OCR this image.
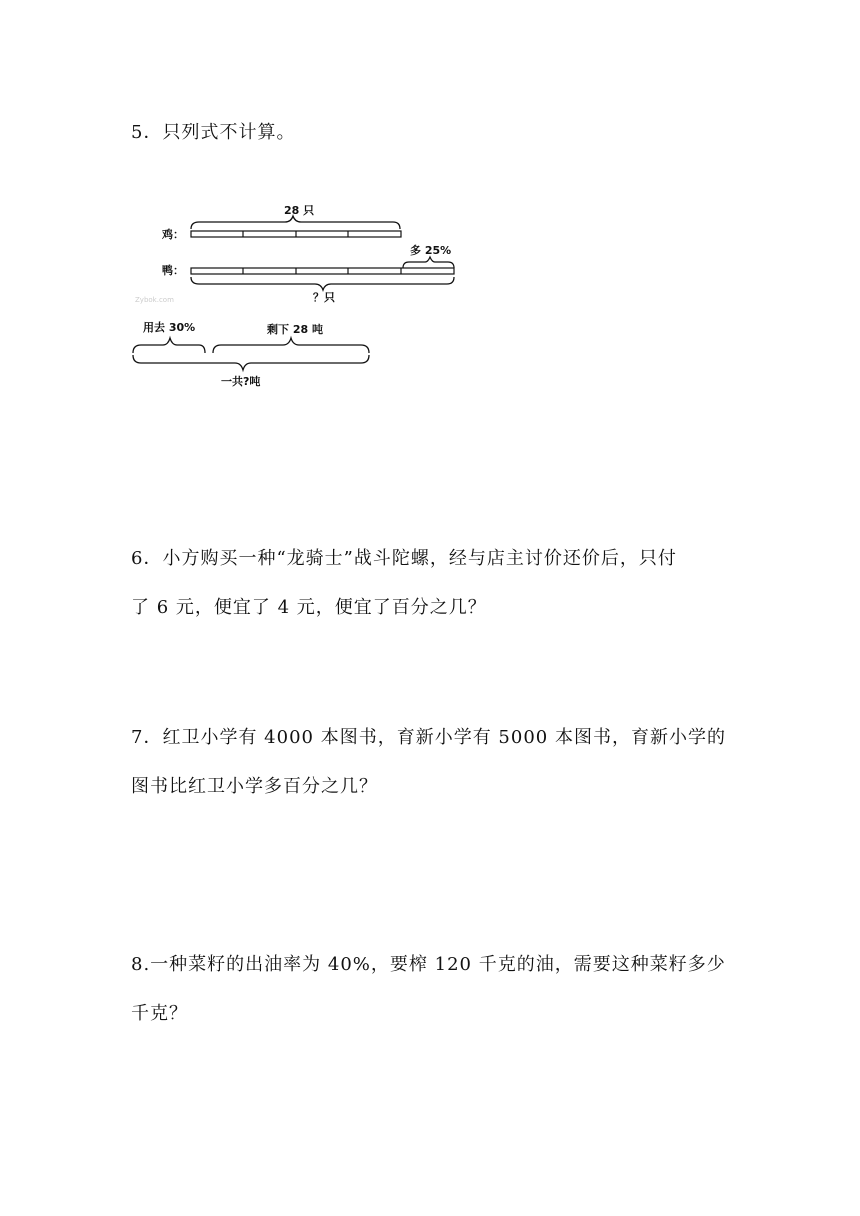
5．只列式不计算。
28 只
鸡：
多 25%
鸭：
？只
Zybok.com
用去 30%	剩下 28 吨
一共?吨
6．小方购买一种“龙骑士”战斗陀螺，经与店主讨价还价后，只付
了 6 元，便宜了 4 元，便宜了百分之几？
7．红卫小学有 4000 本图书，育新小学有 5000 本图书，育新小学的
图书比红卫小学多百分之几？
8.一种菜籽的出油率为 40%，要榨 120 千克的油，需要这种菜籽多少
千克？
